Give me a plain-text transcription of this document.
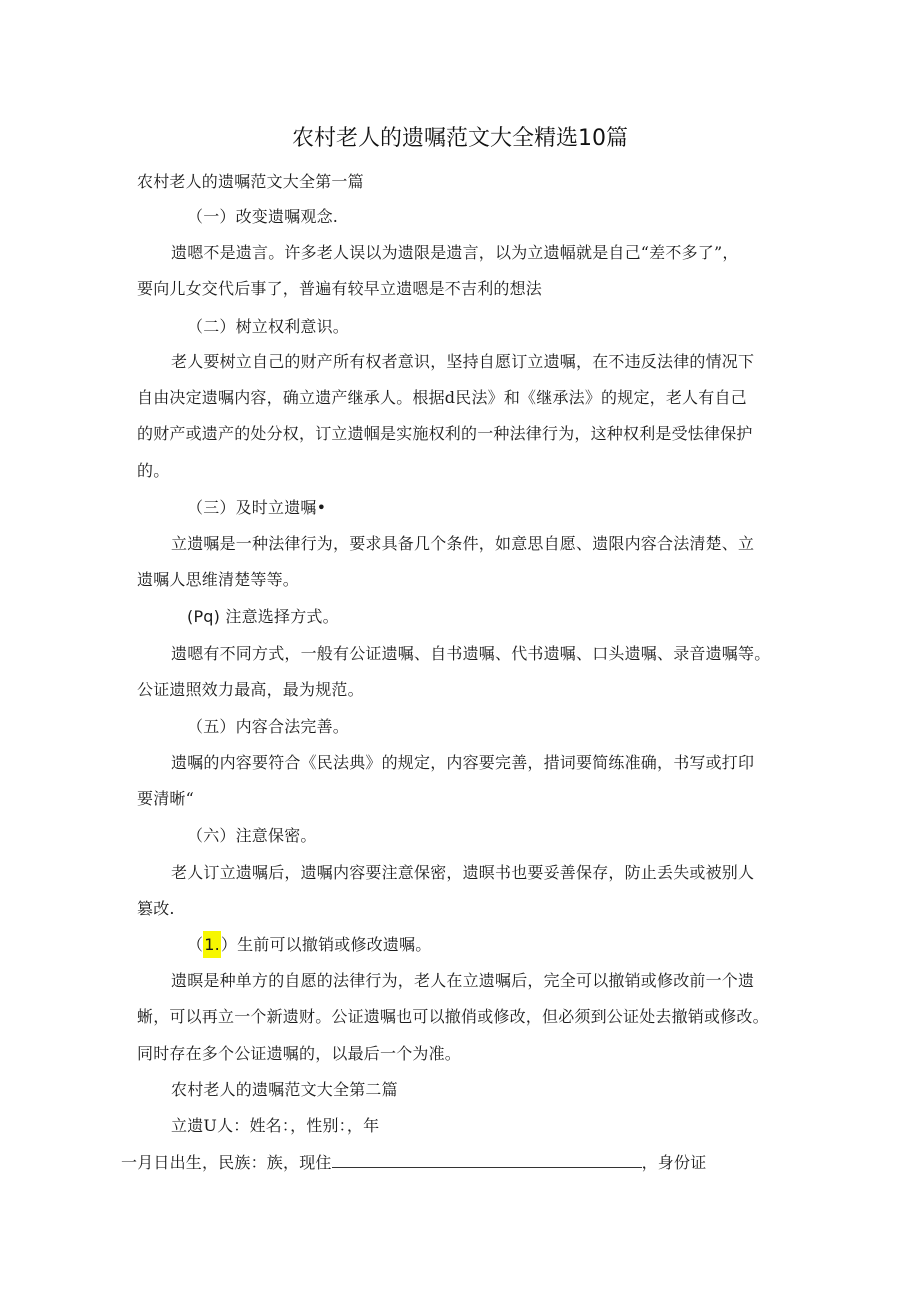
农村老人的遗嘱范文大全精选10篇
农村老人的遗嘱范文大全第一篇
（一）改变遗嘱观念.
遗嗯不是遗言。许多老人误以为遗限是遗言，以为立遗幅就是自己“差不多了”，
要向儿女交代后事了，普遍有较早立遗嗯是不吉利的想法
（二）树立权利意识。
老人要树立自己的财产所有权者意识，坚持自愿订立遗嘱，在不违反法律的情况下
自由决定遗嘱内容，确立遗产继承人。根据d民法》和《继承法》的规定，老人有自己
的财产或遗产的处分权，订立遗帼是实施权利的一种法律行为，这种权利是受怯律保护
的。
（三）及时立遗嘱•
立遗嘱是一种法律行为，要求具备几个条件，如意思自愿、遗限内容合法清楚、立
遗嘱人思维清楚等等。
(Pq) 注意选择方式。
遗嗯有不同方式，一般有公证遗嘱、自书遗嘱、代书遗嘱、口头遗嘱、录音遗嘱等。
公证遗照效力最高，最为规范。
（五）内容合法完善。
遗嘱的内容要符合《民法典》的规定，内容要完善，措词要简练准确，书写或打印
要清晰“
（六）注意保密。
老人订立遗嘱后，遗嘱内容要注意保密，遗暝书也要妥善保存，防止丢失或被别人
篡改.
（1.）生前可以撤销或修改遗嘱。
遗暝是种单方的自愿的法律行为，老人在立遗嘱后，完全可以撤销或修改前一个遗
蜥，可以再立一个新遗财。公证遗嘱也可以撤俏或修改，但必须到公证处去撤销或修改。
同时存在多个公证遗嘱的，以最后一个为准。
农村老人的遗嘱范文大全第二篇
立遗U人：姓名：，性别：，年
一月日出生，民族：族，现住	，身份证
